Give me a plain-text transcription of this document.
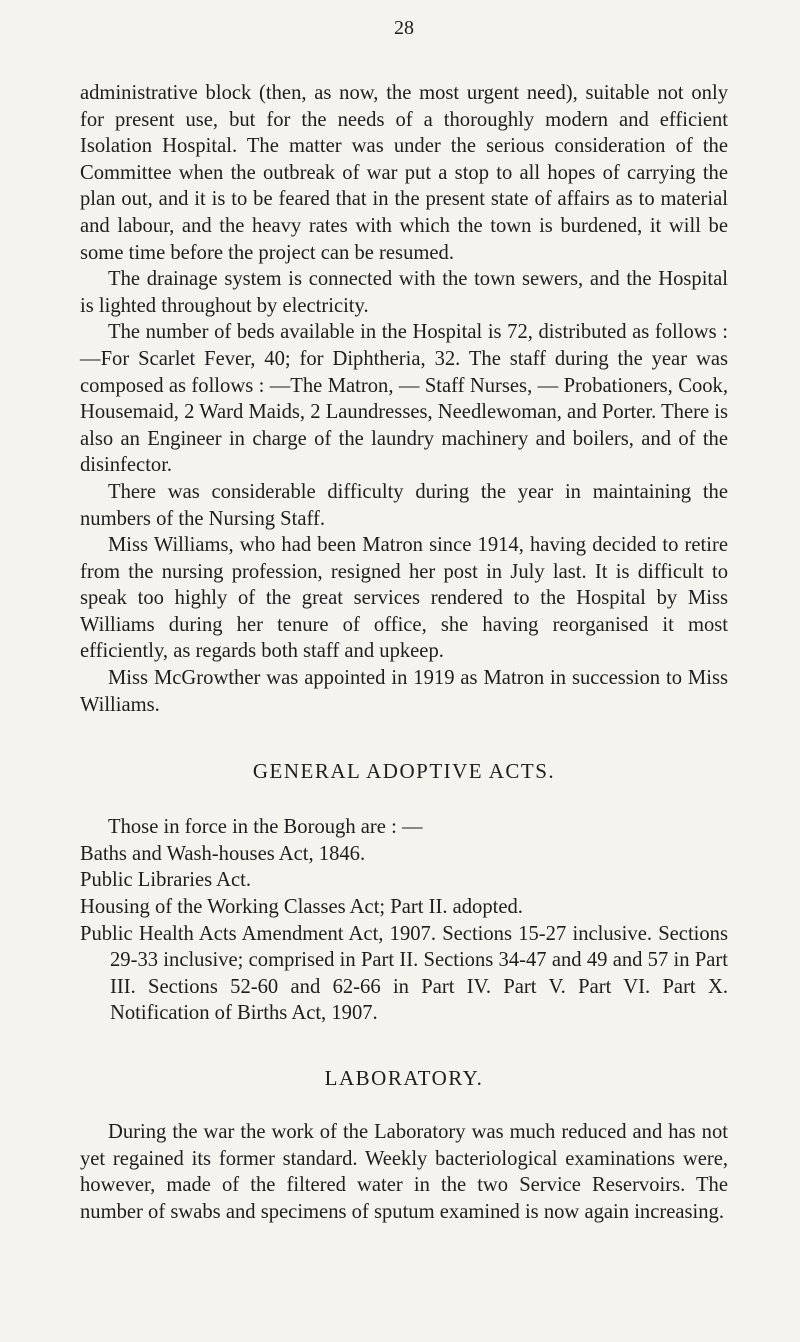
28

administrative block (then, as now, the most urgent need), suitable not only for present use, but for the needs of a thoroughly modern and efficient Isolation Hospital. The matter was under the serious consideration of the Committee when the outbreak of war put a stop to all hopes of carrying the plan out, and it is to be feared that in the present state of affairs as to material and labour, and the heavy rates with which the town is burdened, it will be some time before the project can be resumed.

The drainage system is connected with the town sewers, and the Hospital is lighted throughout by electricity.

The number of beds available in the Hospital is 72, distributed as follows : —For Scarlet Fever, 40; for Diphtheria, 32. The staff during the year was composed as follows : —The Matron, — Staff Nurses, — Probationers, Cook, Housemaid, 2 Ward Maids, 2 Laundresses, Needlewoman, and Porter. There is also an Engineer in charge of the laundry machinery and boilers, and of the disinfector.

There was considerable difficulty during the year in maintaining the numbers of the Nursing Staff.

Miss Williams, who had been Matron since 1914, having decided to retire from the nursing profession, resigned her post in July last. It is difficult to speak too highly of the great services rendered to the Hospital by Miss Williams during her tenure of office, she having reorganised it most efficiently, as regards both staff and upkeep.

Miss McGrowther was appointed in 1919 as Matron in succession to Miss Williams.

GENERAL ADOPTIVE ACTS.

Those in force in the Borough are : —

Baths and Wash-houses Act, 1846.

Public Libraries Act.

Housing of the Working Classes Act; Part II. adopted.

Public Health Acts Amendment Act, 1907. Sections 15-27 inclusive. Sections 29-33 inclusive; comprised in Part II. Sections 34-47 and 49 and 57 in Part III. Sections 52-60 and 62-66 in Part IV. Part V. Part VI. Part X. Notification of Births Act, 1907.

LABORATORY.

During the war the work of the Laboratory was much reduced and has not yet regained its former standard. Weekly bacteriological examinations were, however, made of the filtered water in the two Service Reservoirs. The number of swabs and specimens of sputum examined is now again increasing.
